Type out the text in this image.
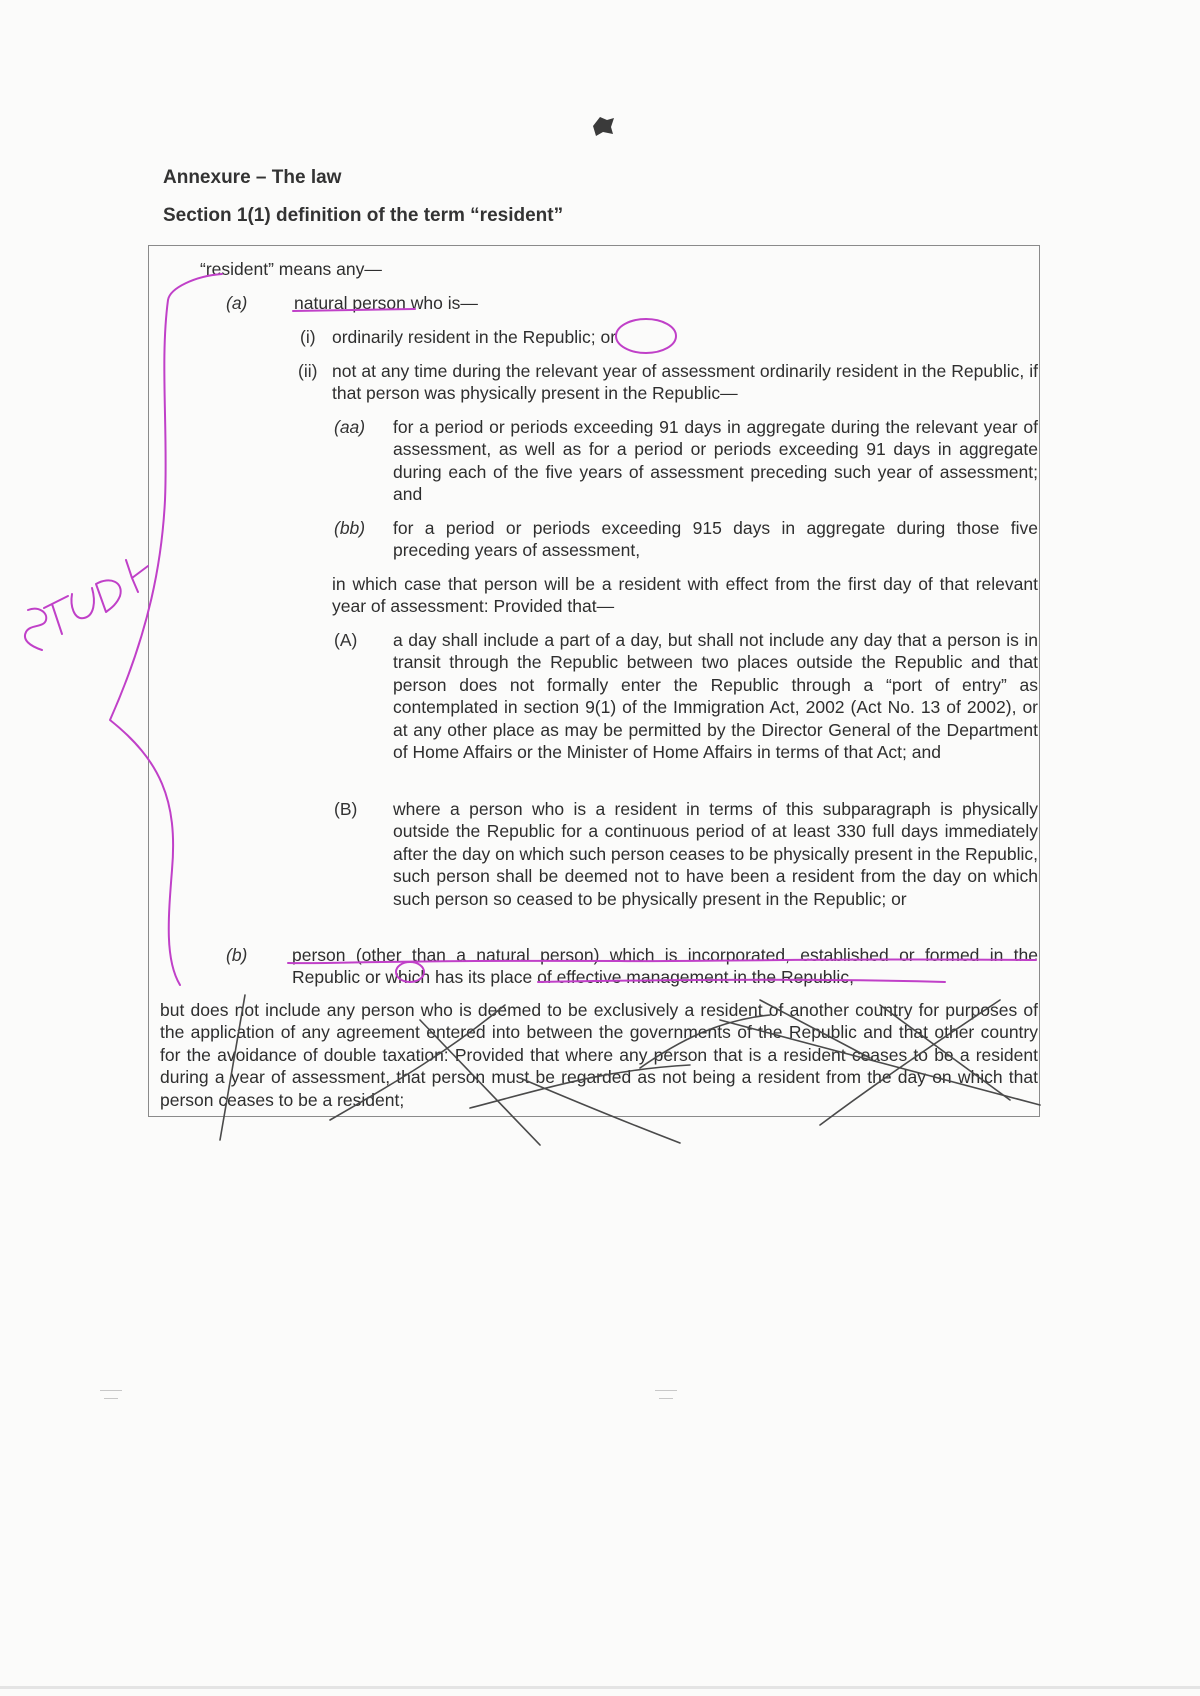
Annexure – The law
Section 1(1) definition of the term “resident”
“resident” means any—
(a)	natural person who is—
(i) ordinarily resident in the Republic; or
(ii) not at any time during the relevant year of assessment ordinarily resident in the Republic, if that person was physically present in the Republic—
(aa) for a period or periods exceeding 91 days in aggregate during the relevant year of assessment, as well as for a period or periods exceeding 91 days in aggregate during each of the five years of assessment preceding such year of assessment; and
(bb) for a period or periods exceeding 915 days in aggregate during those five preceding years of assessment,
in which case that person will be a resident with effect from the first day of that relevant year of assessment: Provided that—
(A) a day shall include a part of a day, but shall not include any day that a person is in transit through the Republic between two places outside the Republic and that person does not formally enter the Republic through a “port of entry” as contemplated in section 9(1) of the Immigration Act, 2002 (Act No. 13 of 2002), or at any other place as may be permitted by the Director General of the Department of Home Affairs or the Minister of Home Affairs in terms of that Act; and
(B) where a person who is a resident in terms of this subparagraph is physically outside the Republic for a continuous period of at least 330 full days immediately after the day on which such person ceases to be physically present in the Republic, such person shall be deemed not to have been a resident from the day on which such person so ceased to be physically present in the Republic; or
(b)	person (other than a natural person) which is incorporated, established or formed in the Republic or which has its place of effective management in the Republic,
but does not include any person who is deemed to be exclusively a resident of another country for purposes of the application of any agreement entered into between the governments of the Republic and that other country for the avoidance of double taxation: Provided that where any person that is a resident ceases to be a resident during a year of assessment, that person must be regarded as not being a resident from the day on which that person ceases to be a resident;
